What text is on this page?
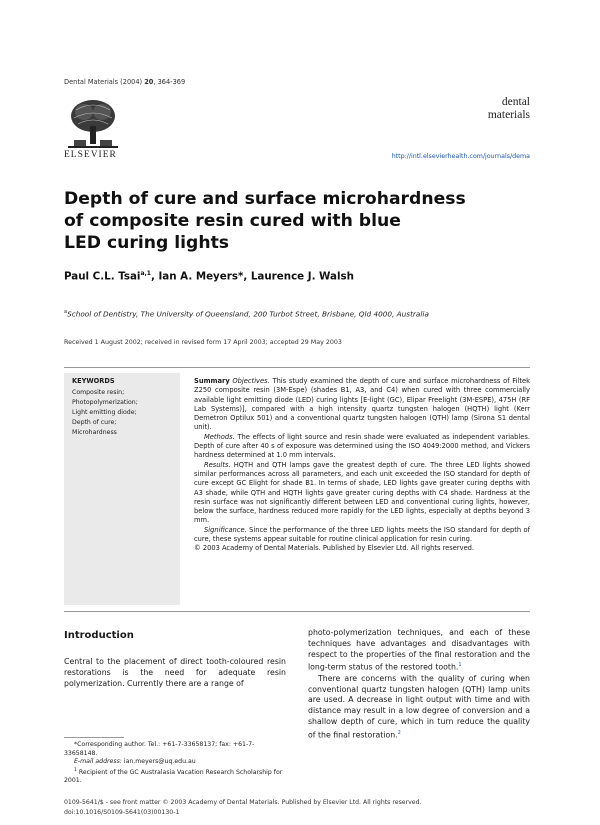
Dental Materials (2004) 20, 364-369
ELSEVIER
dental
materials
http://intl.elsevierhealth.com/journals/dema
Depth of cure and surface microhardness
of composite resin cured with blue
LED curing lights
Paul C.L. Tsai$^{a,1}$, Ian A. Meyers*, Laurence J. Walsh
$^a$School of Dentistry, The University of Queensland, 200 Turbot Street, Brisbane, Qld 4000, Australia
Received 1 August 2002; received in revised form 17 April 2003; accepted 29 May 2003
KEYWORDS
Composite resin;
Photopolymerization;
Light emitting diode;
Depth of cure;
Microhardness

Summary Objectives. This study examined the depth of cure and surface microhardness of Filtek Z250 composite resin (3M-Espe) (shades B1, A3, and C4) when cured with three commercially available light emitting diode (LED) curing lights [E-light (GC), Elipar Freelight (3M-ESPE), 475H (RF Lab Systems)], compared with a high intensity quartz tungsten halogen (HQTH) light (Kerr Demetron Optilux 501) and a conventional quartz tungsten halogen (QTH) lamp (Sirona S1 dental unit).

Methods. The effects of light source and resin shade were evaluated as independent variables. Depth of cure after 40 s of exposure was determined using the ISO 4049:2000 method, and Vickers hardness determined at 1.0 mm intervals.

Results. HQTH and QTH lamps gave the greatest depth of cure. The three LED lights showed similar performances across all parameters, and each unit exceeded the ISO standard for depth of cure except GC Elight for shade B1. In terms of shade, LED lights gave greater curing depths with A3 shade, while QTH and HQTH lights gave greater curing depths with C4 shade. Hardness at the resin surface was not significantly different between LED and conventional curing lights, however, below the surface, hardness reduced more rapidly for the LED lights, especially at depths beyond 3 mm.

Significance. Since the performance of the three LED lights meets the ISO standard for depth of cure, these systems appear suitable for routine clinical application for resin curing.

© 2003 Academy of Dental Materials. Published by Elsevier Ltd. All rights reserved.

Introduction
Central to the placement of direct tooth-coloured resin restorations is the need for adequate resin polymerization. Currently there are a range of

photo-polymerization techniques, and each of these techniques have advantages and disadvantages with respect to the properties of the final restoration and the long-term status of the restored tooth.$^1$

There are concerns with the quality of curing when conventional quartz tungsten halogen (QTH) lamp units are used. A decrease in light output with time and with distance may result in a low degree of conversion and a shallow depth of cure, which in turn reduce the quality of the final restoration.$^2$

*Corresponding author. Tel.: +61-7-33658137; fax: +61-7-33658148.

E-mail address: ian.meyers@uq.edu.au

$^1$ Recipient of the GC Australasia Vacation Research Scholarship for 2001.

0109-5641/$ - see front matter © 2003 Academy of Dental Materials. Published by Elsevier Ltd. All rights reserved.
doi:10.1016/S0109-5641(03)00130-1
